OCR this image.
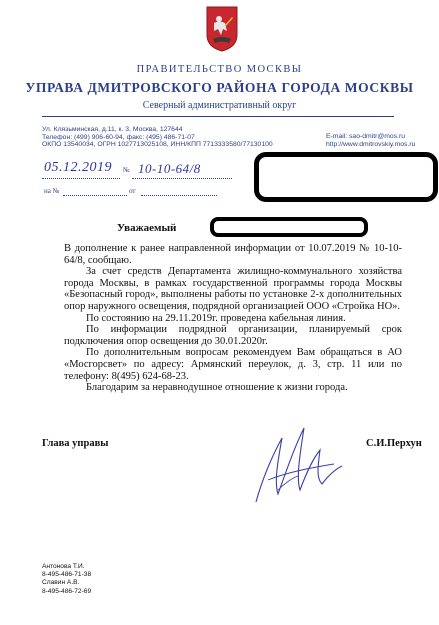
ПРАВИТЕЛЬСТВО МОСКВЫ
УПРАВА ДМИТРОВСКОГО РАЙОНА ГОРОДА МОСКВЫ
Северный административный округ
Ул. Клязьминская, д.11, к. 3, Москва, 127644
Телефон: (499) 906-60-94, факс: (495) 486-71-07
ОКПО 13540034, ОГРН 1027713025108, ИНН/КПП 7713333580/77130100
E-mail: sao-dmitr@mos.ru
http://www.dmitrovskiy.mos.ru
05.12.2019 № 10-10-64/8
на №	от
Уважаемый

В дополнение к ранее направленной информации от 10.07.2019 № 10-10-64/8, сообщаю.

За счет средств Департамента жилищно-коммунального хозяйства города Москвы, в рамках государственной программы города Москвы «Безопасный город», выполнены работы по установке 2-х дополнительных опор наружного освещения, подрядной организацией ООО «Стройка НО».

По состоянию на 29.11.2019г. проведена кабельная линия.

По информации подрядной организации, планируемый срок подключения опор освещения до 30.01.2020г.

По дополнительным вопросам рекомендуем Вам обращаться в АО «Мосгорсвет» по адресу: Армянский переулок, д. 3, стр. 11 или по телефону: 8(495) 624-68-23.

Благодарим за неравнодушное отношение к жизни города.

Глава управы	С.И.Перхун
Антонова Т.И.
8-495-486-71-38
Славин А.В.
8-495-486-72-69
